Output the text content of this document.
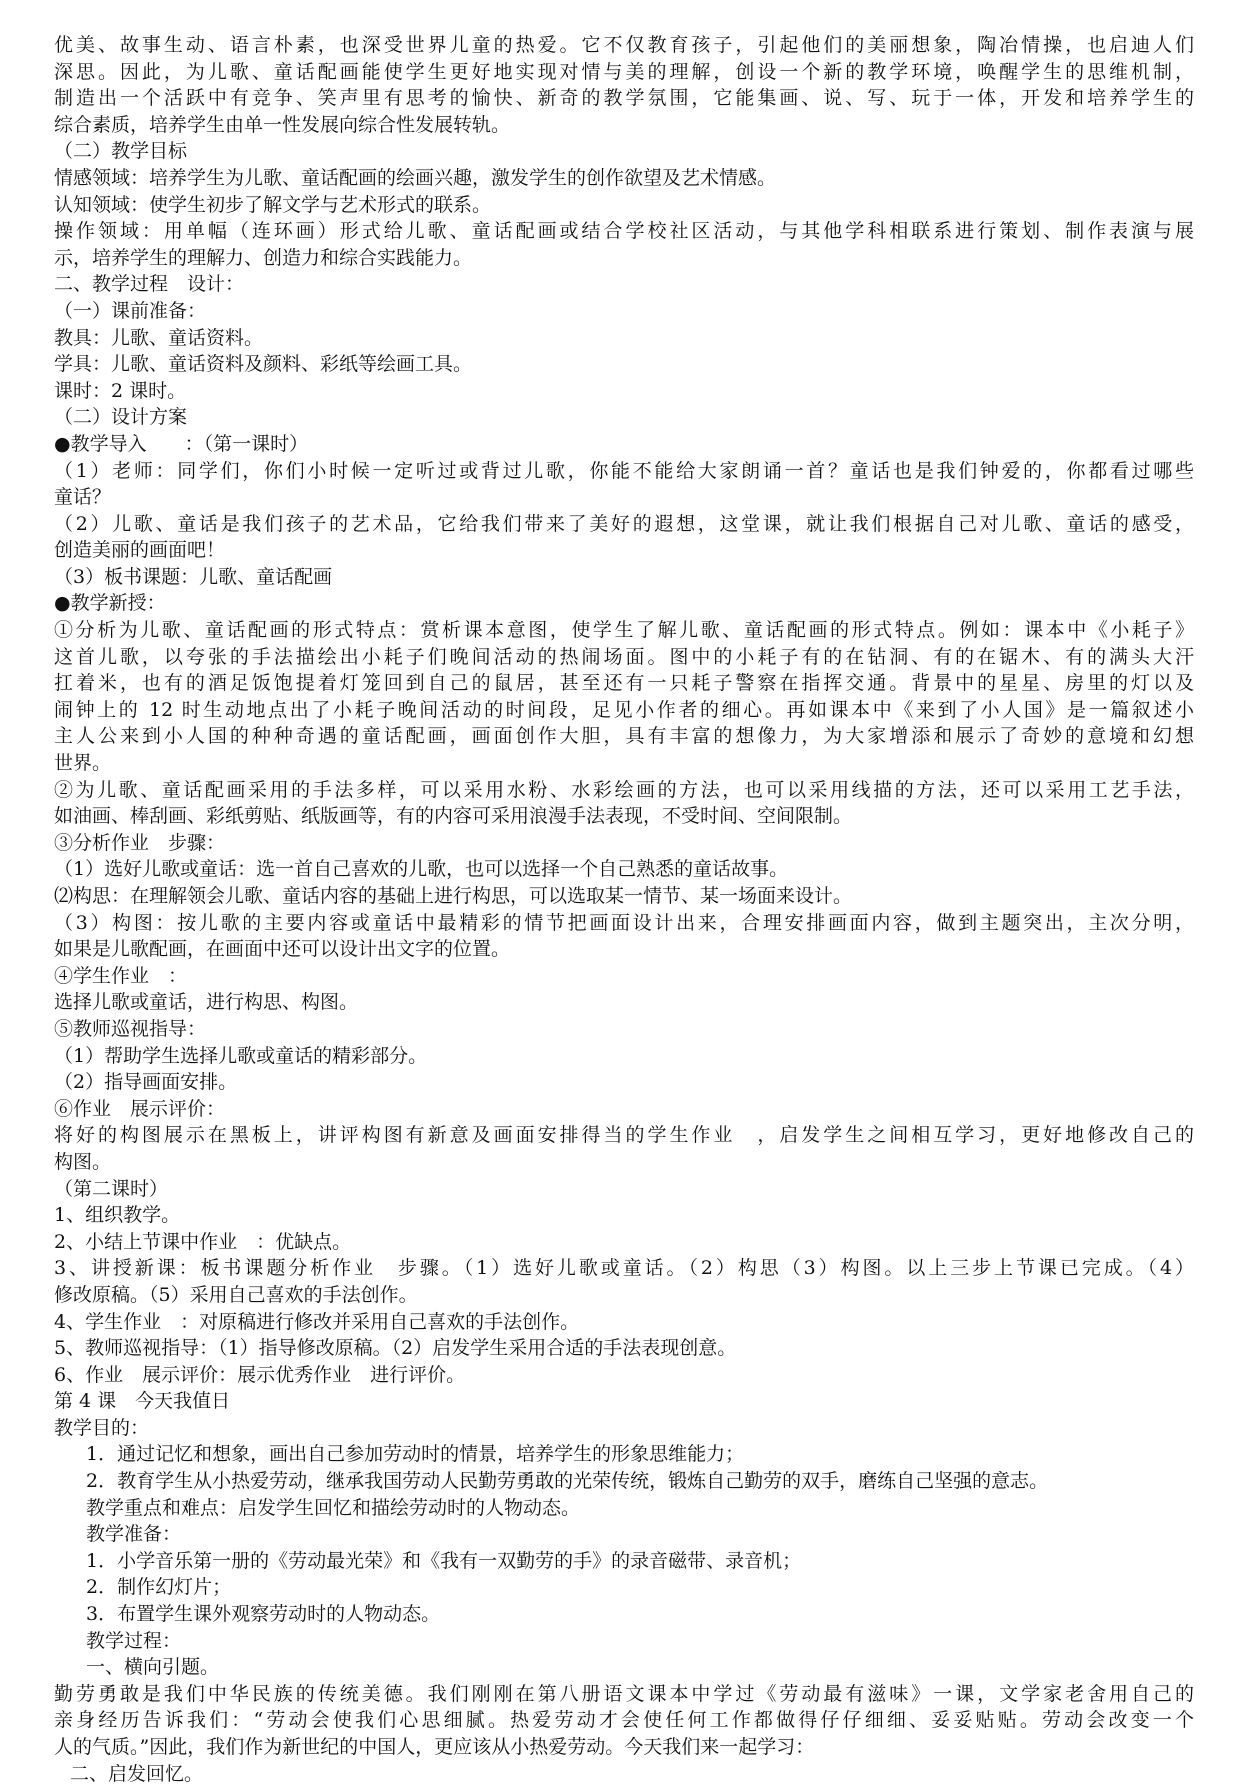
优美、故事生动、语言朴素，也深受世界儿童的热爱。它不仅教育孩子，引起他们的美丽想象，陶冶情操，也启迪人们
深思。因此，为儿歌、童话配画能使学生更好地实现对情与美的理解，创设一个新的教学环境，唤醒学生的思维机制，
制造出一个活跃中有竞争、笑声里有思考的愉快、新奇的教学氛围，它能集画、说、写、玩于一体，开发和培养学生的
综合素质，培养学生由单一性发展向综合性发展转轨。
（二）教学目标
情感领域：培养学生为儿歌、童话配画的绘画兴趣，激发学生的创作欲望及艺术情感。
认知领域：使学生初步了解文学与艺术形式的联系。
操作领域：用单幅（连环画）形式给儿歌、童话配画或结合学校社区活动，与其他学科相联系进行策划、制作表演与展
示，培养学生的理解力、创造力和综合实践能力。
二、教学过程　设计：
（一）课前准备：
教具：儿歌、童话资料。
学具：儿歌、童话资料及颜料、彩纸等绘画工具。
课时：2 课时。
（二）设计方案
●教学导入　　：（第一课时）
（1）老师：同学们，你们小时候一定听过或背过儿歌，你能不能给大家朗诵一首？童话也是我们钟爱的，你都看过哪些
童话？
（2）儿歌、童话是我们孩子的艺术品，它给我们带来了美好的遐想，这堂课，就让我们根据自己对儿歌、童话的感受，
创造美丽的画面吧！
（3）板书课题：儿歌、童话配画
●教学新授：
①分析为儿歌、童话配画的形式特点：赏析课本意图，使学生了解儿歌、童话配画的形式特点。例如：课本中《小耗子》
这首儿歌，以夸张的手法描绘出小耗子们晚间活动的热闹场面。图中的小耗子有的在钻洞、有的在锯木、有的满头大汗
扛着米，也有的酒足饭饱提着灯笼回到自己的鼠居，甚至还有一只耗子警察在指挥交通。背景中的星星、房里的灯以及
闹钟上的 12 时生动地点出了小耗子晚间活动的时间段，足见小作者的细心。再如课本中《来到了小人国》是一篇叙述小
主人公来到小人国的种种奇遇的童话配画，画面创作大胆，具有丰富的想像力，为大家增添和展示了奇妙的意境和幻想
世界。
②为儿歌、童话配画采用的手法多样，可以采用水粉、水彩绘画的方法，也可以采用线描的方法，还可以采用工艺手法，
如油画、棒刮画、彩纸剪贴、纸版画等，有的内容可采用浪漫手法表现，不受时间、空间限制。
③分析作业　步骤：
（1）选好儿歌或童话：选一首自己喜欢的儿歌，也可以选择一个自己熟悉的童话故事。
⑵构思：在理解领会儿歌、童话内容的基础上进行构思，可以选取某一情节、某一场面来设计。
（3）构图：按儿歌的主要内容或童话中最精彩的情节把画面设计出来，合理安排画面内容，做到主题突出，主次分明，
如果是儿歌配画，在画面中还可以设计出文字的位置。
④学生作业　：
选择儿歌或童话，进行构思、构图。
⑤教师巡视指导：
（1）帮助学生选择儿歌或童话的精彩部分。
（2）指导画面安排。
⑥作业　展示评价：
将好的构图展示在黑板上，讲评构图有新意及画面安排得当的学生作业　，启发学生之间相互学习，更好地修改自己的
构图。
（第二课时）
1、组织教学。
2、小结上节课中作业　：优缺点。
3、讲授新课：板书课题分析作业　步骤。（1）选好儿歌或童话。（2）构思（3）构图。以上三步上节课已完成。（4）
修改原稿。（5）采用自己喜欢的手法创作。
4、学生作业　：对原稿进行修改并采用自己喜欢的手法创作。
5、教师巡视指导：（1）指导修改原稿。（2）启发学生采用合适的手法表现创意。
6、作业　展示评价：展示优秀作业　进行评价。
第 4 课　今天我值日
教学目的：
1．通过记忆和想象，画出自己参加劳动时的情景，培养学生的形象思维能力；
2．教育学生从小热爱劳动，继承我国劳动人民勤劳勇敢的光荣传统，锻炼自己勤劳的双手，磨练自己坚强的意志。
教学重点和难点：启发学生回忆和描绘劳动时的人物动态。
教学准备：
1．小学音乐第一册的《劳动最光荣》和《我有一双勤劳的手》的录音磁带、录音机；
2．制作幻灯片；
3．布置学生课外观察劳动时的人物动态。
教学过程：
一、横向引题。
勤劳勇敢是我们中华民族的传统美德。我们刚刚在第八册语文课本中学过《劳动最有滋味》一课，文学家老舍用自己的
亲身经历告诉我们：“劳动会使我们心思细腻。热爱劳动才会使任何工作都做得仔仔细细、妥妥贴贴。劳动会改变一个
人的气质。”因此，我们作为新世纪的中国人，更应该从小热爱劳动。今天我们来一起学习：
二、启发回忆。
